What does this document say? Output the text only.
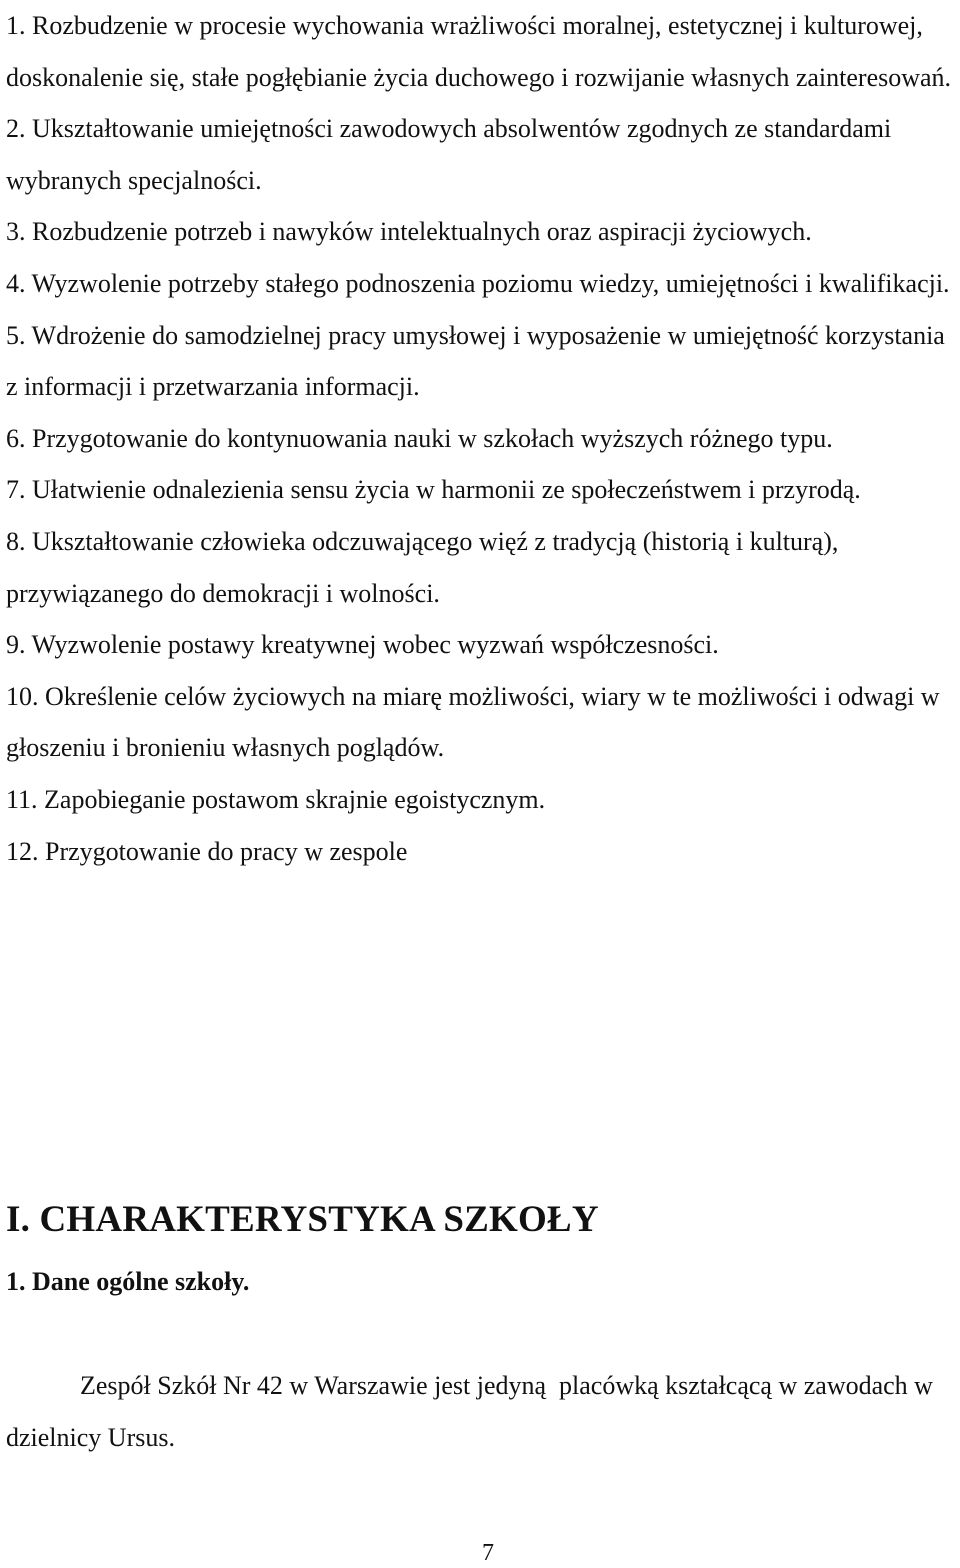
1. Rozbudzenie w procesie wychowania wrażliwości moralnej, estetycznej i kulturowej, doskonalenie się, stałe pogłębianie życia duchowego i rozwijanie własnych zainteresowań.
2. Ukształtowanie umiejętności zawodowych absolwentów zgodnych ze standardami wybranych specjalności.
3. Rozbudzenie potrzeb i nawyków intelektualnych oraz aspiracji życiowych.
4. Wyzwolenie potrzeby stałego podnoszenia poziomu wiedzy, umiejętności i kwalifikacji.
5. Wdrożenie do samodzielnej pracy umysłowej i wyposażenie w umiejętność korzystania z informacji i przetwarzania informacji.
6. Przygotowanie do kontynuowania nauki w szkołach wyższych różnego typu.
7. Ułatwienie odnalezienia sensu życia w harmonii ze społeczeństwem i przyrodą.
8. Ukształtowanie człowieka odczuwającego więź z tradycją (historią i kulturą), przywiązanego do demokracji i wolności.
9. Wyzwolenie postawy kreatywnej wobec wyzwań współczesności.
10. Określenie celów życiowych na miarę możliwości, wiary w te możliwości i odwagi w głoszeniu i bronieniu własnych poglądów.
11. Zapobieganie postawom skrajnie egoistycznym.
12. Przygotowanie do pracy w zespole
I. CHARAKTERYSTYKA SZKOŁY
1. Dane ogólne szkoły.

Zespół Szkół Nr 42 w Warszawie jest jedyną  placówką kształcącą w zawodach w dzielnicy Ursus.

7
